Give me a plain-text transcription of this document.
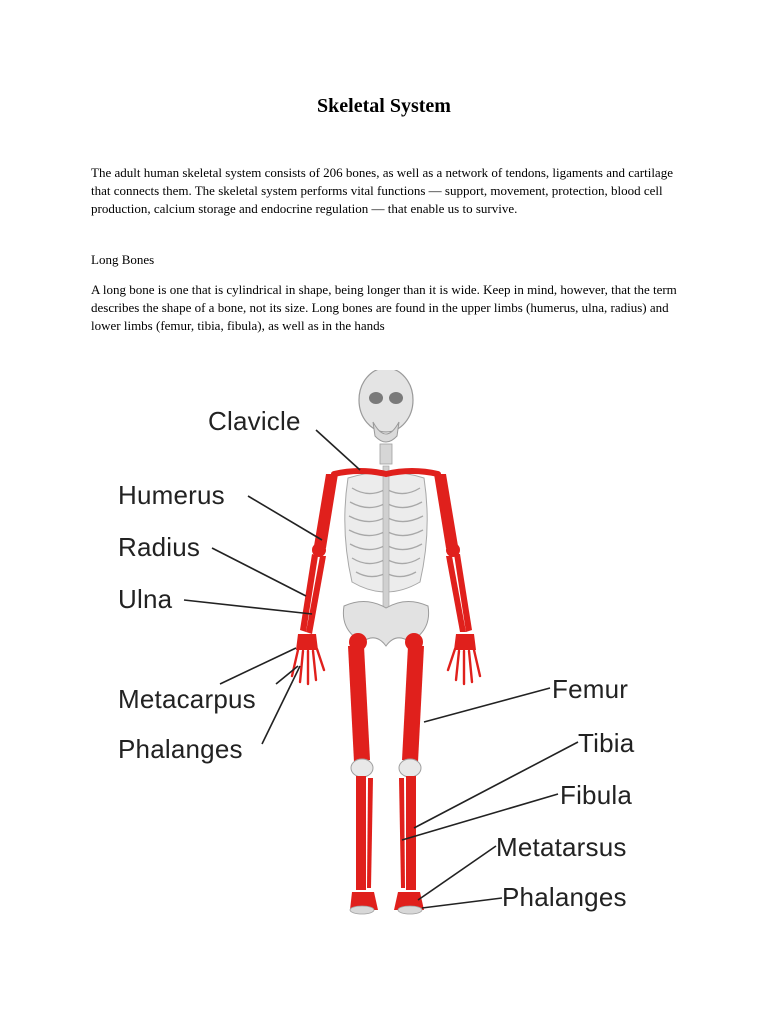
Skeletal System

The adult human skeletal system consists of 206 bones, as well as a network of tendons, ligaments and cartilage that connects them. The skeletal system performs vital functions — support, movement, protection, blood cell production, calcium storage and endocrine regulation — that enable us to survive.

Long Bones

A long bone is one that is cylindrical in shape, being longer than it is wide. Keep in mind, however, that the term describes the shape of a bone, not its size. Long bones are found in the upper limbs (humerus, ulna, radius) and lower limbs (femur, tibia, fibula), as well as in the hands

Clavicle
Humerus
Radius
Ulna
Metacarpus
Phalanges
Femur
Tibia
Fibula
Metatarsus
Phalanges
